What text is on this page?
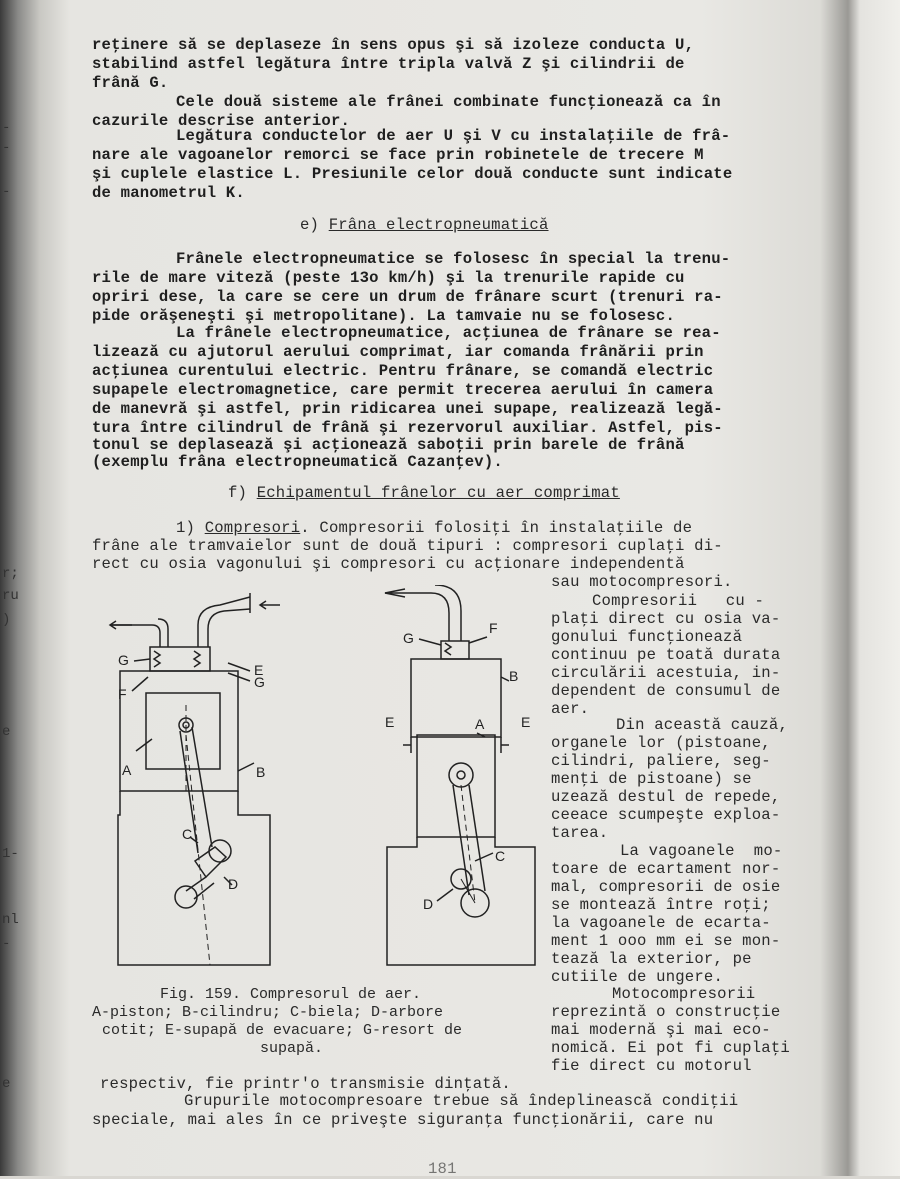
-
-
-
r;
ru
)
e
1-
nl
-
e
reţinere să se deplaseze în sens opus şi să izoleze conducta U,
stabilind astfel legătura între tripla valvă Z şi cilindrii de
frână G.
Cele două sisteme ale frânei combinate funcţionează ca în
cazurile descrise anterior.
Legătura conductelor de aer U şi V cu instalaţiile de frâ-
nare ale vagoanelor remorci se face prin robinetele de trecere M
şi cuplele elastice L. Presiunile celor două conducte sunt indicate
de manometrul K.
e) Frâna electropneumatică
Frânele electropneumatice se folosesc în special la trenu-
rile de mare viteză (peste 13o km/h) şi la trenurile rapide cu
opriri dese, la care se cere un drum de frânare scurt (trenuri ra-
pide orăşeneşti şi metropolitane). La tamvaie nu se folosesc.
La frânele electropneumatice, acţiunea de frânare se rea-
lizează cu ajutorul aerului comprimat, iar comanda frânării prin
acţiunea curentului electric. Pentru frânare, se comandă electric
supapele electromagnetice, care permit trecerea aerului în camera
de manevră şi astfel, prin ridicarea unei supape, realizează legă-
tura între cilindrul de frână şi rezervorul auxiliar. Astfel, pis-
tonul se deplasează şi acţionează saboţii prin barele de frână
(exemplu frâna electropneumatică Cazanţev).
f) Echipamentul frânelor cu aer comprimat
1) Compresori. Compresorii folosiţi în instalaţiile de
frâne ale tramvaielor sunt de două tipuri : compresori cuplaţi di-
rect cu osia vagonului şi compresori cu acţionare independentă
sau motocompresori.
Compresorii   cu -
plaţi direct cu osia va-
gonului funcţionează
continuu pe toată durata
circulării acestuia, in-
dependent de consumul de
aer.
Din această cauză,
organele lor (pistoane,
cilindri, paliere, seg-
menţi de pistoane) se
uzează destul de repede,
ceeace scumpeşte exploa-
tarea.
La vagoanele  mo-
toare de ecartament nor-
mal, compresorii de osie
se montează între roţi;
la vagoanele de ecarta-
ment 1 ooo mm ei se mon-
tează la exterior, pe
cutiile de ungere.
Motocompresorii
reprezintă o construcţie
mai modernă şi mai eco-
nomică. Ei pot fi cuplaţi
fie direct cu motorul
G
F
E
G
A	B
C
D
G
F
B
E	A	E
C
D
Fig. 159. Compresorul de aer.
A-piston; B-cilindru; C-biela; D-arbore
cotit; E-supapă de evacuare; G-resort de
supapă.
respectiv, fie printr'o transmisie dinţată.
Grupurile motocompresoare trebue să îndeplinească condiţii
speciale, mai ales în ce priveşte siguranţa funcţionării, care nu
181
